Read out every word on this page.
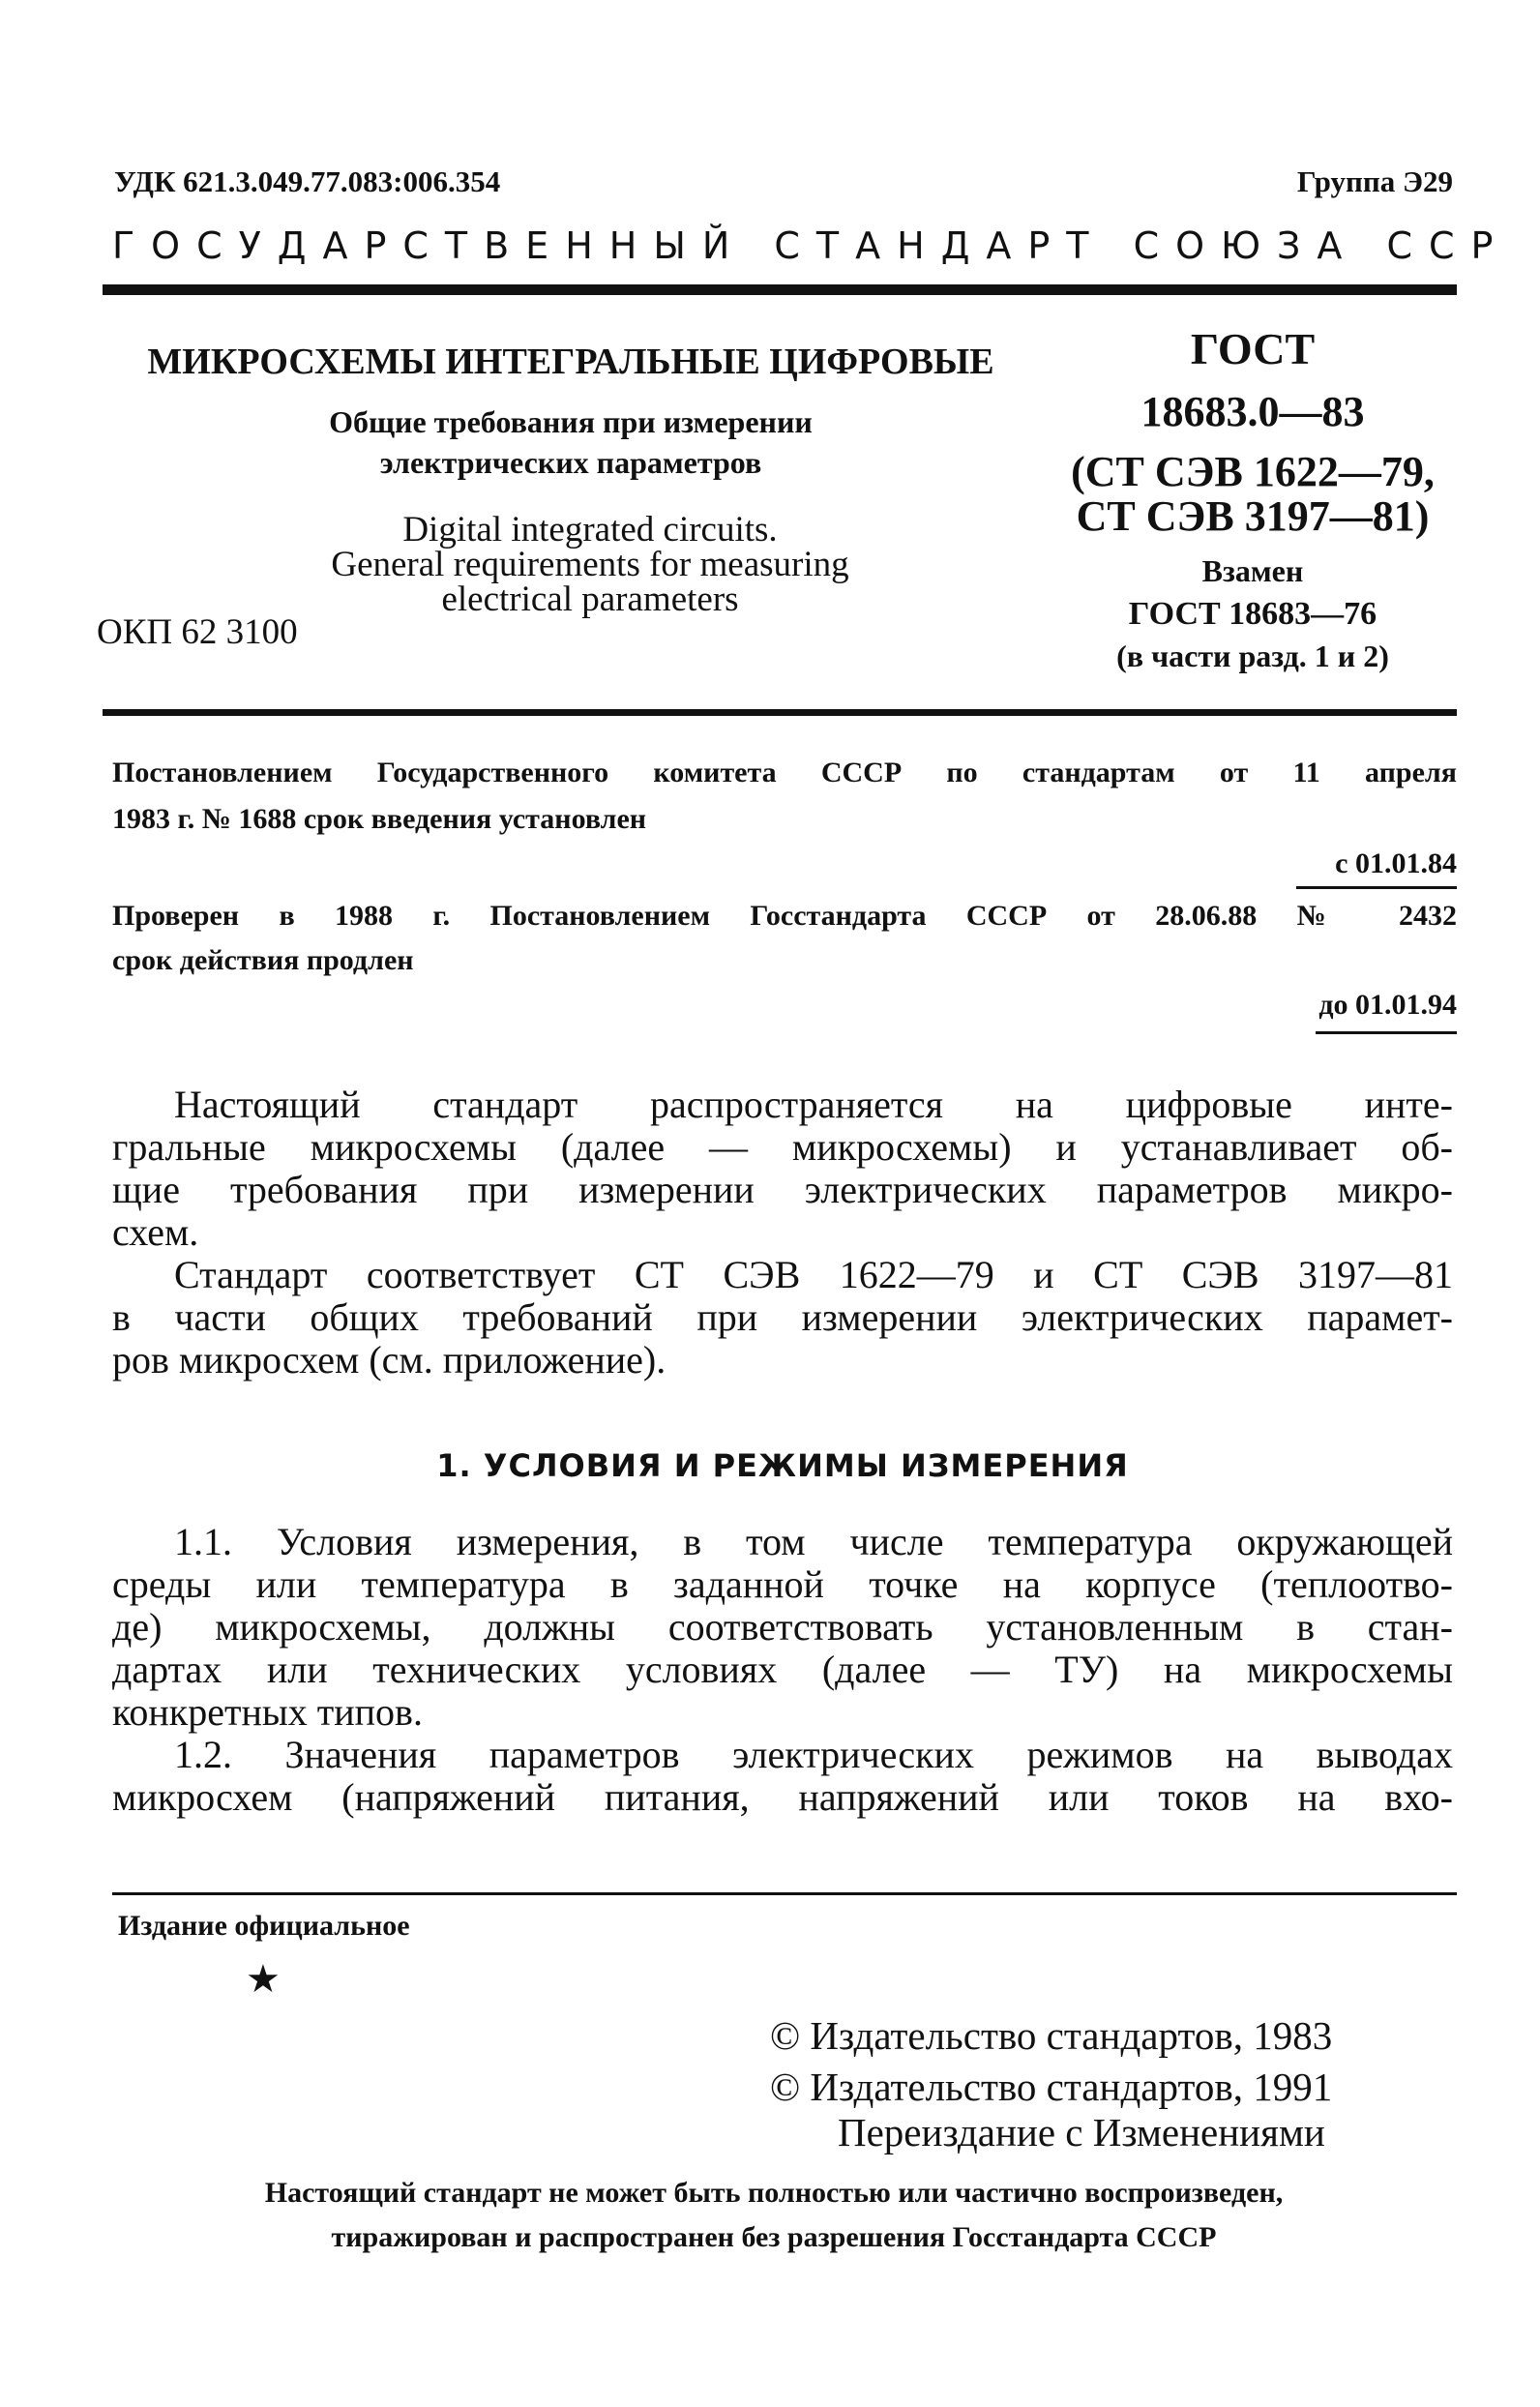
УДК 621.3.049.77.083:006.354	Группа Э29
ГОСУДАРСТВЕННЫЙ СТАНДАРТ СОЮЗА ССР
МИКРОСХЕМЫ ИНТЕГРАЛЬНЫЕ ЦИФРОВЫЕ
Общие требования при измерении
электрических параметров
Digital integrated circuits.
General requirements for measuring
electrical parameters
ОКП 62 3100
ГОСТ
18683.0—83
(СТ СЭВ 1622—79,
СТ СЭВ 3197—81)
Взамен
ГОСТ 18683—76
(в части разд. 1 и 2)
Постановлением Государственного комитета СССР по стандартам от 11 апреля
1983 г. № 1688 срок введения установлен
с 01.01.84
Проверен в 1988 г. Постановлением Госстандарта СССР от 28.06.88 № 2432
срок действия продлен
до 01.01.94
Настоящий стандарт распространяется на цифровые инте-
гральные микросхемы (далее — микросхемы) и устанавливает об-
щие требования при измерении электрических параметров микро-
схем.
Стандарт соответствует СТ СЭВ 1622—79 и СТ СЭВ 3197—81
в части общих требований при измерении электрических парамет-
ров микросхем (см. приложение).
1. УСЛОВИЯ И РЕЖИМЫ ИЗМЕРЕНИЯ
1.1. Условия измерения, в том числе температура окружающей
среды или температура в заданной точке на корпусе (теплоотво-
де) микросхемы, должны соответствовать установленным в стан-
дартах или технических условиях (далее — ТУ) на микросхемы
конкретных типов.
1.2. Значения параметров электрических режимов на выводах
микросхем (напряжений питания, напряжений или токов на вхо-
Издание официальное
★
© Издательство стандартов, 1983
© Издательство стандартов, 1991
Переиздание с Изменениями
Настоящий стандарт не может быть полностью или частично воспроизведен,
тиражирован и распространен без разрешения Госстандарта СССР
